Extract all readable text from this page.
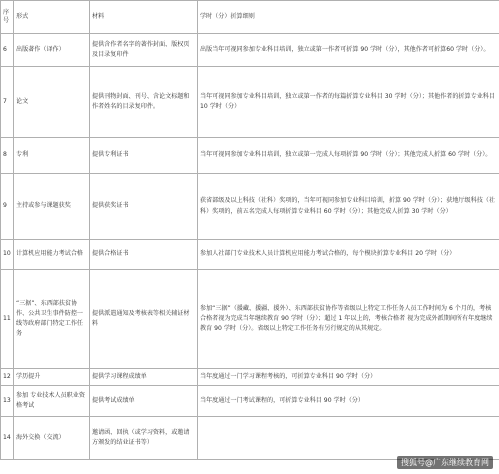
序号	形式	材料	学时（分）折算细则
6	出版著作（译作）	提供含作者名字的著作封面、版权页及目录复印件	出版当年可视同参加专业科目培训，独立或第一作者可折算 90 学时（分），其他作者可折算60 学时（分）。
7	论文	提供刊物封面、刊号、含论文标题和作者姓名的目录复印件。	当年可视同参加专业科目培训，独立或第一作者的每篇折算专业科目 30 学时（分）；其他作者的折算专业科目 10 学时（分）
8	专利	提供专利证书	当年可视同参加专业科目培训，独立或第一完成人每项折算 90 学时（分）；其他完成人折算 60 学时（分）。
9	主持或参与课题获奖	提供获奖证书	获省部级及以上科技（社科）奖项的，当年可视同参加专业科目培训，折算 90 学时（分）；获地厅级科技（社科）奖项的，前五名完成人每项折算专业科目 60 学时（分）；其他完成人折算 30 学时（分）
10	计算机应用能力考试合格	提供合格证书	参加人社部门专业技术人员计算机应用能力考试合格的，每个模块折算专业科目 20 学时（分）
11	“三据”、东西部扶贫协作、公共卫生事件防控一线等政府部门特定工作任务	提供派遣通知及考核表等相关辅证材料	参加“三据”（援藏、援疆、援外）、东西部扶贫协作等省级以上特定工作任务人员工作时间为 6 个月的，考核合格者视为完成当年继续教育 90 学时（分）；超过 1 年以上的，考核合格者 视为完成外派期间所有年度继续教育 90 学时（分）。省级以上特定工作任务有另行规定的从其规定。
12	学历提升	提供学习课程成绩单	当年度通过一门学习课程考核的，可折算专业科目 90 学时（分）
13	参加 专业技术人员职业资格考试	提供考试成绩单	当年度通过一门考试课程的，可折算专业科目 90 学时（分）
14	海外交换（交流）	邀请函、回执（或学习资料，或邀请方颁发的结业证书等）	
搜狐号@广东继续教育网
